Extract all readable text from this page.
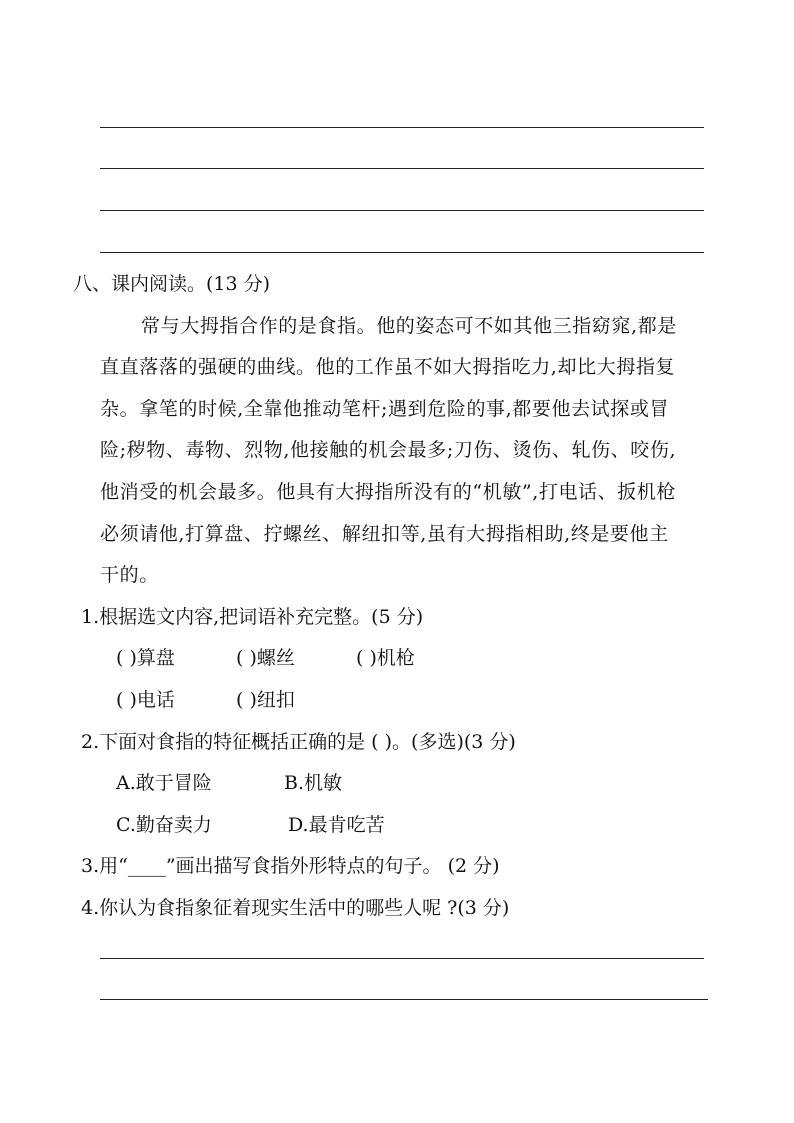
八、课内阅读。(13 分)
常与大拇指合作的是食指。他的姿态可不如其他三指窈窕,都是
直直落落的强硬的曲线。他的工作虽不如大拇指吃力,却比大拇指复
杂。拿笔的时候,全靠他推动笔杆;遇到危险的事,都要他去试探或冒
险;秽物、毒物、烈物,他接触的机会最多;刀伤、烫伤、轧伤、咬伤,
他消受的机会最多。他具有大拇指所没有的“机敏”,打电话、扳机枪
必须请他,打算盘、拧螺丝、解纽扣等,虽有大拇指相助,终是要他主
干的。
1.根据选文内容,把词语补充完整。(5 分)
( )算盘	( )螺丝	( )机枪
( )电话	( )纽扣
2.下面对食指的特征概括正确的是 ( )。(多选)(3 分)
A.敢于冒险	B.机敏
C.勤奋卖力	D.最肯吃苦
3.用“____”画出描写食指外形特点的句子。 (2 分)
4.你认为食指象征着现实生活中的哪些人呢 ?(3 分)
